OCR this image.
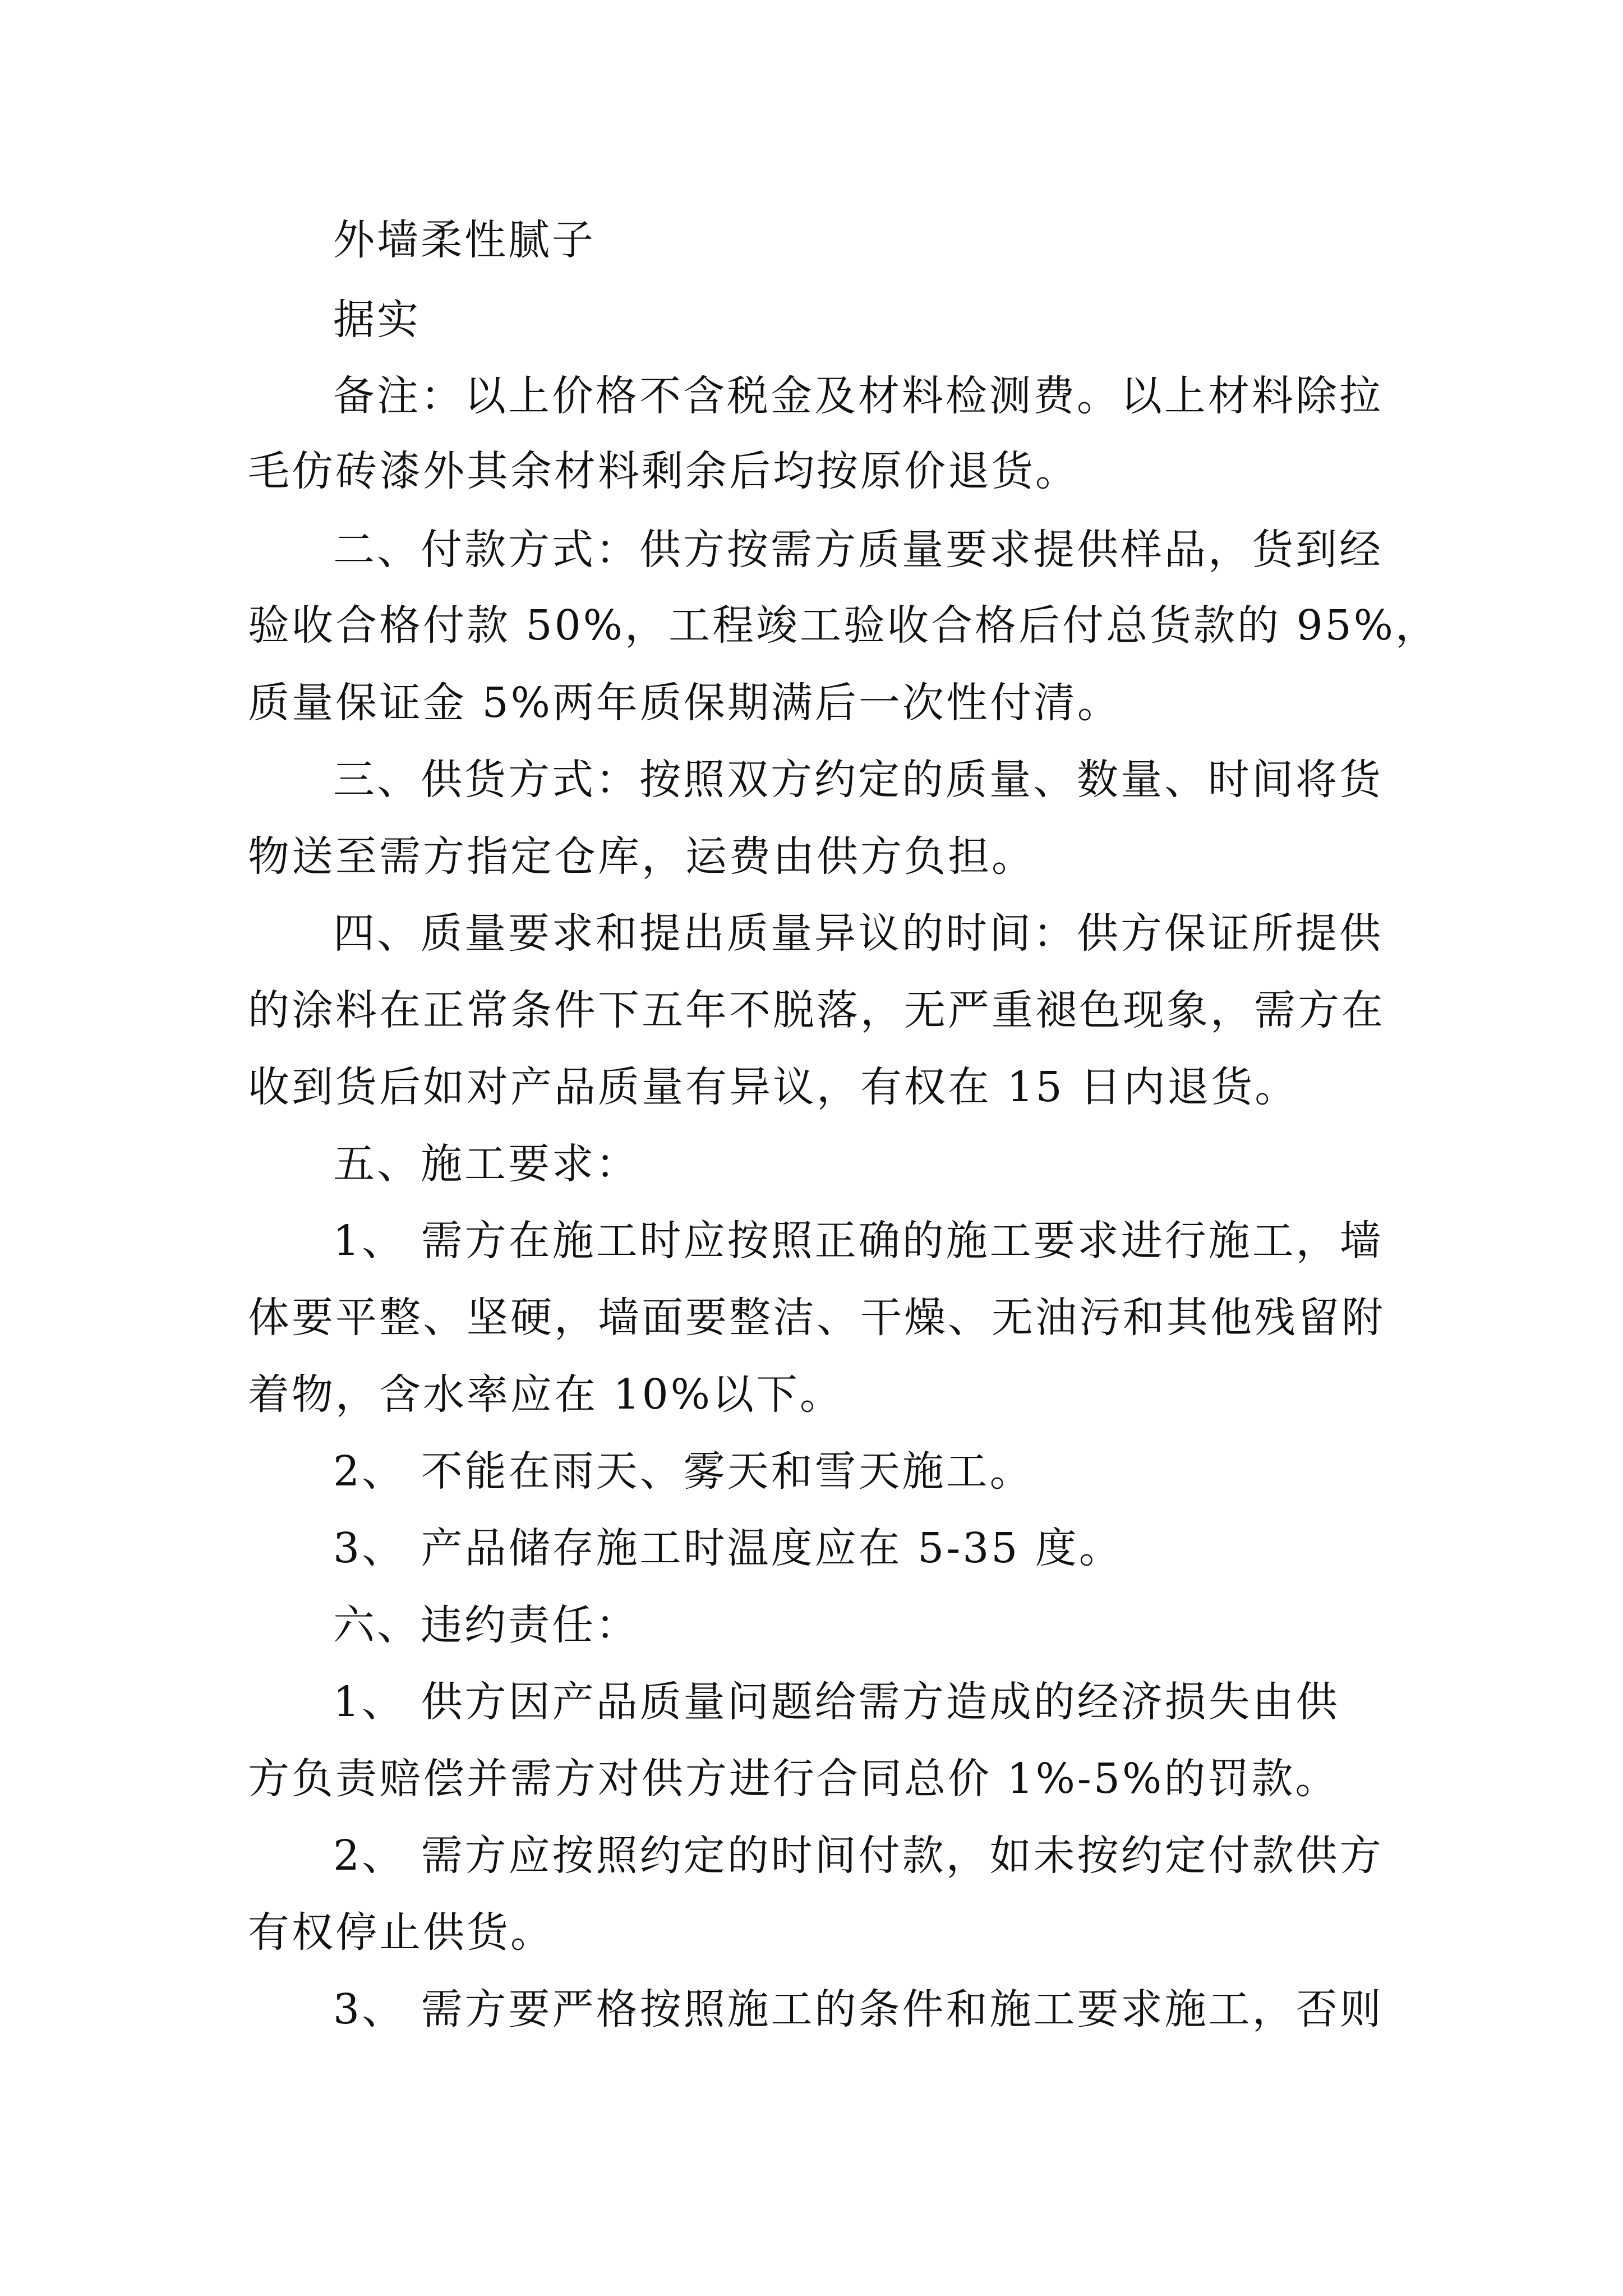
外墙柔性腻子
据实
备注：以上价格不含税金及材料检测费。以上材料除拉
毛仿砖漆外其余材料剩余后均按原价退货。
二、付款方式：供方按需方质量要求提供样品，货到经
验收合格付款 50%，工程竣工验收合格后付总货款的 95%，
质量保证金 5%两年质保期满后一次性付清。
三、供货方式：按照双方约定的质量、数量、时间将货
物送至需方指定仓库，运费由供方负担。
四、质量要求和提出质量异议的时间：供方保证所提供
的涂料在正常条件下五年不脱落，无严重褪色现象，需方在
收到货后如对产品质量有异议，有权在 15 日内退货。
五、施工要求：
1、 需方在施工时应按照正确的施工要求进行施工，墙
体要平整、坚硬，墙面要整洁、干燥、无油污和其他残留附
着物，含水率应在 10%以下。
2、 不能在雨天、雾天和雪天施工。
3、 产品储存施工时温度应在 5-35 度。
六、违约责任：
1、 供方因产品质量问题给需方造成的经济损失由供
方负责赔偿并需方对供方进行合同总价 1%-5%的罚款。
2、 需方应按照约定的时间付款，如未按约定付款供方
有权停止供货。
3、 需方要严格按照施工的条件和施工要求施工，否则
